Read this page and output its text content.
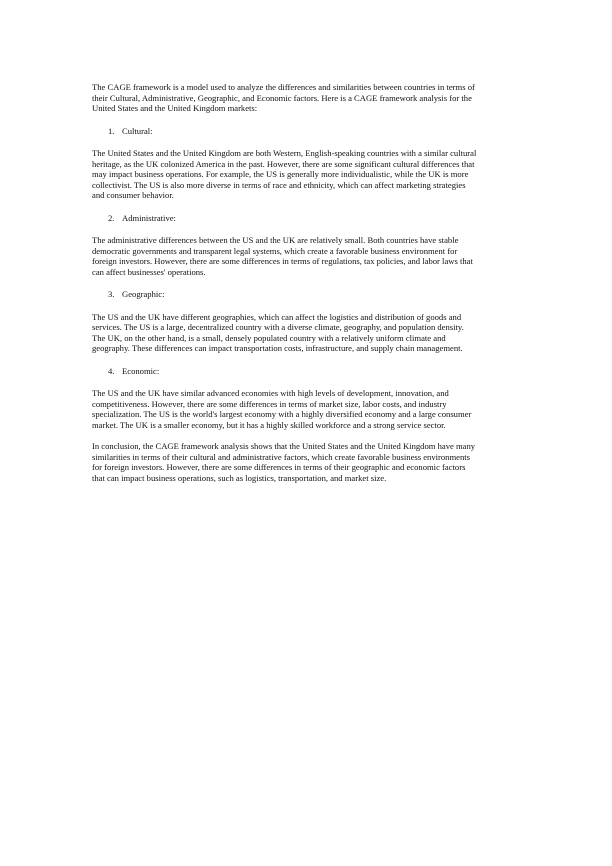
The CAGE framework is a model used to analyze the differences and similarities between countries in terms of their Cultural, Administrative, Geographic, and Economic factors. Here is a CAGE framework analysis for the United States and the United Kingdom markets:

1. Cultural:

The United States and the United Kingdom are both Western, English-speaking countries with a similar cultural heritage, as the UK colonized America in the past. However, there are some significant cultural differences that may impact business operations. For example, the US is generally more individualistic, while the UK is more collectivist. The US is also more diverse in terms of race and ethnicity, which can affect marketing strategies and consumer behavior.

2. Administrative:

The administrative differences between the US and the UK are relatively small. Both countries have stable democratic governments and transparent legal systems, which create a favorable business environment for foreign investors. However, there are some differences in terms of regulations, tax policies, and labor laws that can affect businesses' operations.

3. Geographic:

The US and the UK have different geographies, which can affect the logistics and distribution of goods and services. The US is a large, decentralized country with a diverse climate, geography, and population density. The UK, on the other hand, is a small, densely populated country with a relatively uniform climate and geography. These differences can impact transportation costs, infrastructure, and supply chain management.

4. Economic:

The US and the UK have similar advanced economies with high levels of development, innovation, and competitiveness. However, there are some differences in terms of market size, labor costs, and industry specialization. The US is the world's largest economy with a highly diversified economy and a large consumer market. The UK is a smaller economy, but it has a highly skilled workforce and a strong service sector.

In conclusion, the CAGE framework analysis shows that the United States and the United Kingdom have many similarities in terms of their cultural and administrative factors, which create favorable business environments for foreign investors. However, there are some differences in terms of their geographic and economic factors that can impact business operations, such as logistics, transportation, and market size.
